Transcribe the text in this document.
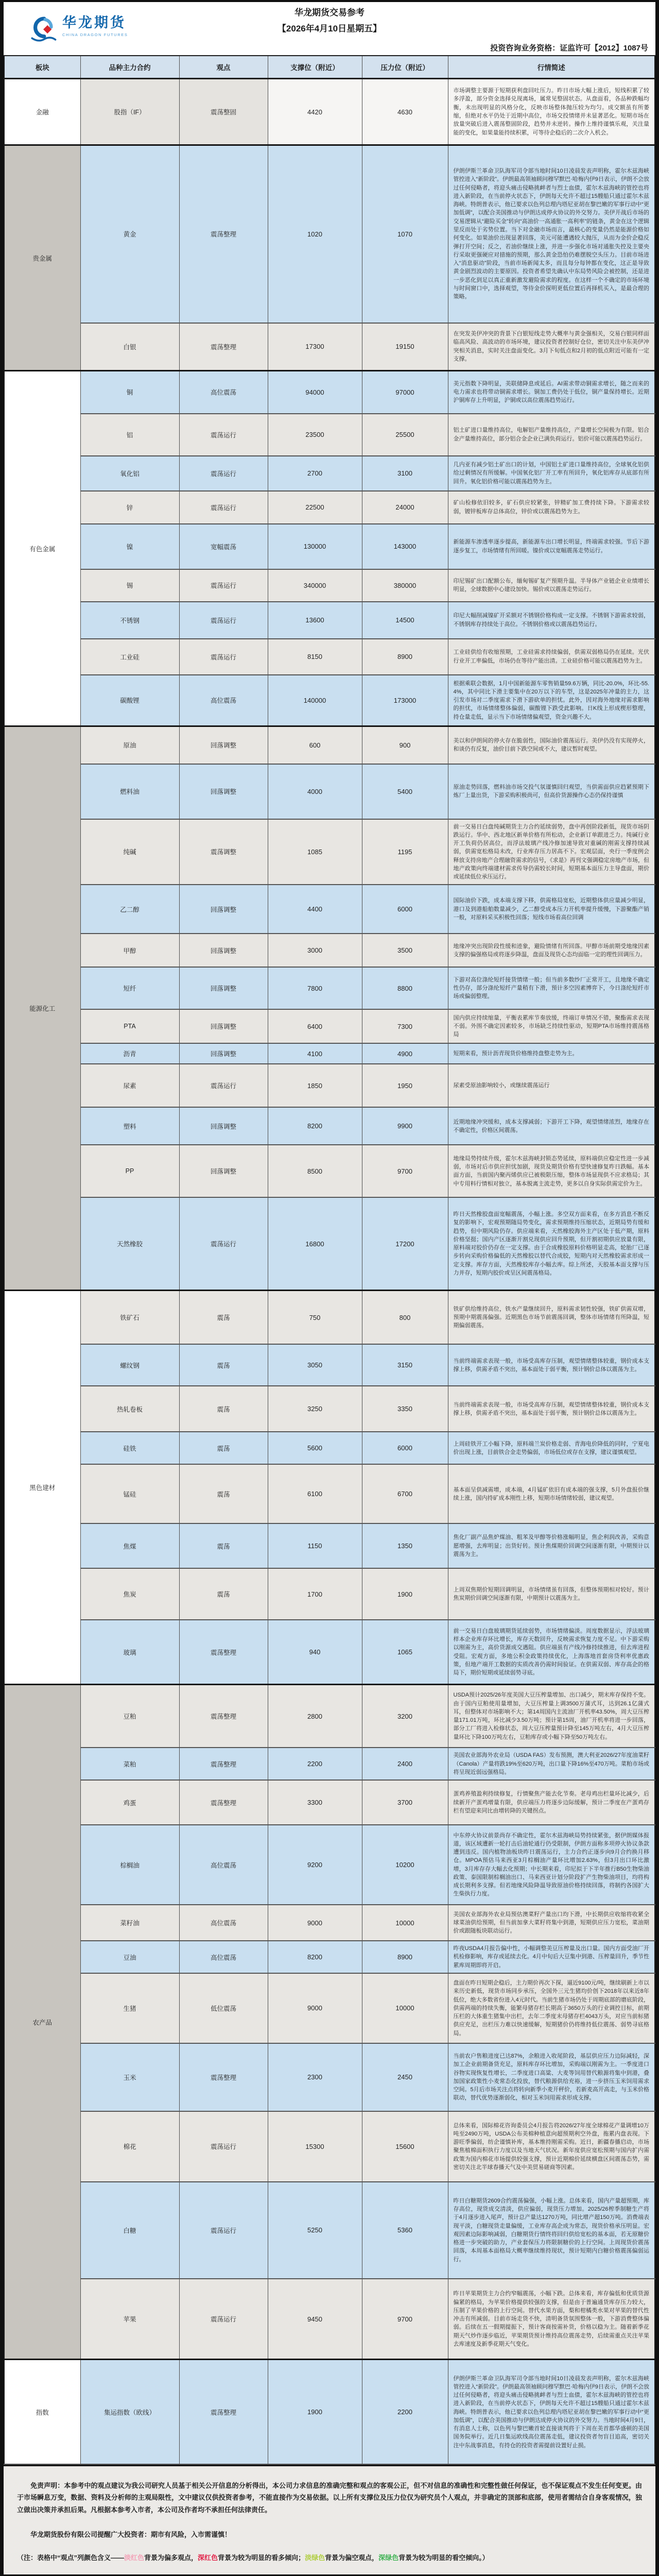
华龙期货
CHINA DRAGON FUTURES
华龙期货交易参考
【2026年4月10日星期五】
投资咨询业务资格：证监许可【2012】1087号
板块	品种主力合约	观点	支撑位（附近）	压力位（附近）	行情简述
金融	股指（IF）	震荡整固	4420	4630	市场调整主要源于短期获利盘回吐压力。昨日市场大幅上涨后，短线积累了较多浮盈，部分资金选择兑现离场，属常见整固状态。从盘面看，各品种跌幅均衡，未出现明显的风格分化，反映市场整体抛压较为均匀。成交额虽有所萎缩，但绝对水平仍处于近期中高位，市场交投情绪并未显著恶化。短期市场在放量突破后进入震荡整固阶段，趋势并未逆转。操作上维持谨慎乐观，关注量能的变化，如果量能持续积累，可等待企稳后的二次介入机会。
贵金属	黄金	震荡整理	1020	1070	伊朗伊斯兰革命卫队海军司令部当地时间10日凌晨发表声明称，霍尔木兹海峡管控进入“新阶段”。伊朗最高领袖顾问穆罕默巴·哈梅内伊9日表示，伊朗不会放过任何侵略者，将迎头痛击侵略挑衅者与烈士血债，霍尔木兹海峡的管控也将进入新阶段，在当前停火状态下，伊朗每天允许不超过15艘船只通过霍尔木兹海峡。特朗普表示，他已要求以色列总理内塔尼亚胡在黎巴嫩的军事行动中“更加低调”，以配合美国推动与伊朗达成停火协议的外交努力。美伊开战后市场的交易逻辑从“避险买金”转向“高油价一高通胀一高利率”的链条，黄金在这个逻辑里反而处于劣势位置。当下对金融市场而言，最核心的变量仍然是能源价格如何变化。如果油价出现显著回落，美元可能遭遇较大抛压，从而为金价企稳反弹打开空间；反之，若油价继续上涨，并进一步强化市场对通胀失控及主要央行采取更强硬应对措施的预期，那么黄金恐怕仍难摆脱空头压力。目前市场进入“消息驱动”阶段，当前市场新闻太多，而且每分每钟都在变化，这正是导致黄金剧烈波动的主要原因。投资者希望先确认中东局势风险会被控制，还是进一步恶化到足以真正重新激发避险需求的程度。在这样一个不确定的市场环境与时间窗口中，选择观望，等待金价探明更低位置后再择机买入，是最合理的策略。
	白银	震荡整理	17300	19150	在突发美伊冲突的背景下白银短线走势大概率与黄金强相关，交易白银同样面临高风险、高波动的市场环境，建议投资者控制好仓位，密切关注中东美伊冲突相关消息，实时关注盘面变化。3月下旬低点和2月初的低点附近可能有一定支撑。
有色金属	铜	高位震荡	94000	97000	美元指数下降明显，美联储降息或延后。AI需求带动铜需求增长，随之而来的电力需求也将带动铜需求增长。铜加工费仍处于低位，铜产量保持增长。近期沪铜库存上升明显，沪铜或以高位震荡趋势运行。
	铝	震荡运行	23500	25500	铝土矿进口量维持高位，电解铝产量维持高位，产量增长空间极为有限。铝合金产量维持高位，部分铝合金企业已满负荷运行。铝价可能以震荡趋势运行。
	氧化铝	震荡运行	2700	3100	几内亚有减少铝土矿出口的计划，中国铝土矿进口量维持高位，全球氧化铝供给过剩情况有所缓解。中国氧化铝厂开工率有所回升，氧化铝库存从底部有所回升。氧化铝价格可能以震荡趋势为主。
	锌	震荡运行	22500	24000	矿山检修依旧较多，矿石供应较紧张，锌精矿加工费持续下降。下游需求较弱，镀锌板库存总体高位，锌价或以震荡趋势为主。
	镍	宽幅震荡	130000	143000	新能源车渗透率逐步提高，新能源车出口增长明显，终端需求较强。节后下游逐步复工，市场情绪有所回暖。镍价或以宽幅震荡走势运行。
	锡	震荡运行	340000	380000	印尼锡矿出口配额公布，缅甸锡矿复产预期升温。半导体产业链企业业绩增长明显，全球数据中心建设加快。锡价或以震荡走势运行。
	不锈钢	震荡运行	13600	14500	印尼大幅削减镍矿开采额对不锈钢价格构成一定支撑。不锈钢下游需求较弱，不锈钢库存持续处于高位。不锈钢价格或以震荡趋势运行。
	工业硅	震荡运行	8150	8900	工业硅供给有收缩预期，工业硅需求持续偏弱，供需双弱格局仍在延续。光伏行业开工率偏低，市场仍在等待产能出清。工业硅价格可能以震荡趋势为主。
	碳酸锂	高位震荡	140000	173000	根据乘联会数据，1月中国新能源车零售销量59.6万辆，同比-20.0%，环比-55.4%，其中同比下滑主要集中在20万以下的车型，这是2025年冲量的主力，这引发市场对二季度需求下滑下游砍单的担忧。此外，因对海外地缘对需求影响的担忧，市场情绪整体偏弱，碳酸锂下跌受此影响。日K线上形成楔形整理，持仓量走低，显示当下市场情绪偏观望，资金兴趣不大。
能源化工	原油	回落调整	600	900	美以和伊朗间的停火存在脆弱性，国际油价震荡运行。美伊仍没有实现停火，和谈仍有反复，油价目前下跌空间或不大，建议暂时观望。
	燃料油	回落调整	4000	5400	原油走势回落，燃料油市场交投气氛谨慎回归观望，当供需面供应趋紧预期下炼厂上量出货，下游采购积极尚可，但高价货源操作心态仍保持谨慎
	纯碱	震荡调整	1085	1195	前一交易日白盘纯碱期货主力合约延续弱势，盘中再创阶段新低，现货市场阴跌运行。华中、西北地区新单价格有所松动，企业新订单跟进乏力。纯碱行业开工负荷仍居高位，而浮法玻璃产线冷修加速导致对重碱的刚需支撑持续减弱，供需宽松格局未改，行业库存压力居高不下。宏观层面，央行一季度例会释放支持房地产合理融资需求的信号，《求是》再刊文强调稳定房地产市场，但地产政策向终端建材需求传导仍需较长时间，短期基本面压力主导盘面，期价或延续低位承压运行。
	乙二醇	回落调整	4400	6000	国际油价下跌，成本端支撑下移，供需格局宽松，近期整体供应量减少明显，港口及到港船舶数量减少，乙二醇受成本压力开机率提升缓慢，下游聚酯产销一般，对原料采买积极性回落；短线市场看高位回调
	甲醇	回落调整	3000	3500	地缘冲突出现阶段性缓和迹象，避险情绪有所回落。甲醇市场前期受地缘因素支撑的偏强格局或将逐步降温，盘面及现货心态均面临一定的理性回调压力。
	短纤	回落调整	7800	8800	下游对高位涤纶短纤接货情绪一般；但当前多数纱厂正常开工，且地缘不确定性仍存，部分涤纶短纤产量稍有下滑，预计多空因素博弈下，今日涤纶短纤市场或偏弱整理。
	PTA	回落调整	6400	7300	国内供应持续缩量，平衡表累库节奏放缓，终端订单情况不错，聚酯需求表现不弱。外围不确定因素较多，市场缺乏持续性驱动，短期PTA市场维持震荡格局
	沥青	回落调整	4100	4900	短期来看，预计沥青现货价格维持盘整走势为主。
	尿素	震荡运行	1850	1950	尿素受原油影响较小，或继续震荡运行
	塑料	回落调整	8200	9900	近期地缘冲突缓和，成本支撑减弱；下游开工下降，观望情绪浓烈，地缘存在不确定性，价格区间震荡。
	PP	回落调整	8500	9700	地缘局势持续升级，霍尔木兹海峡封锁态势延续，原料端供应稳定性进一步减弱，市场对后市供应担忧加剧，现货及期货价格有望快速修复昨日跌幅。基本面方面，当前国内聚丙烯供应已被极限压缩，整体市场显现供不应求格局；其中专用料行情相对独立，基本脱离主流走势，更多以自身实际供需定价为主。
	天然橡胶	震荡运行	16800	17200	昨日天然橡胶盘面宽幅震荡，小幅上涨。多空双方面来看，在多方消息不断反复的影响下，宏观预期随局势变化，需求预期维持压缩状态，近期局势有缓和趋势，但中期风险仍存。供应端来看，天然橡胶海外主产区处于低产期，原料价格坚挺；国内产区逐渐开割兑现供应回升预期，但开割初期供应放量有限，原料端对胶价仍存在一定支撑。由于合成橡胶原料价格明显走高，轮胎厂已逐步转向采购价格偏低的天然橡胶以替代合成胶，短期内对天然橡胶需求形成一定支撑。库存方面，天然橡胶库存小幅去库。综上所述，天胶基本面支撑与压力并存，短期内胶价或呈区间震荡格局。
黑色建材	铁矿石	震荡	750	800	铁矿供给维持高位，铁水产量继续回升，原料需求韧性较强，铁矿供需双增，预期中期震荡偏强。近期黑色市场节前震荡回调，整体市场情绪有所降温，短期偏弱震荡。
	螺纹钢	震荡	3050	3150	当前终端需求表现一般，市场受高库存压制，观望情绪整体较重，钢价成本支撑上移，供需矛盾不突出，基本面处于弱平衡，预计钢价总体以震荡为主。
	热轧卷板	震荡	3250	3350	当前终端需求表现一般，市场受高库存压制，观望情绪整体较重，钢价成本支撑上移，供需矛盾不突出，基本面处于弱平衡，预计钢价总体以震荡为主。
	硅铁	震荡	5600	6000	上周硅铁开工小幅下降，原料端兰炭价格走弱、青海电价降低的同时，宁夏电价出现上涨，目前铁合金走势偏弱，市场低位或存在支撑，建议谨慎观望。
	锰硅	震荡	6100	6700	基本面呈供减需增，成本端，4月锰矿依旧有成本端的强支撑，5月外盘报价继续上涨，国内持矿成本刚性上移，短期市场情绪较弱，建议观望。
	焦煤	震荡	1150	1350	焦化厂副产品焦炉煤油、粗苯及甲醇等价格涨幅明显，焦企利润改善，采购意愿增强，去库明显；出货好转。预计焦煤期价回调空间逐渐有限，中期预计以震荡为主。
	焦炭	震荡	1700	1900	上周双焦期价短期回调明显，市场情绪虽有回落，但整体预期相对较好。预计焦炭期价回调空间逐渐有限，中期预计以震荡为主。
	玻璃	震荡整理	940	1065	前一交易日白盘玻璃期货延续弱势，市场情绪偏淡。周度数据显示，浮法玻璃样本企业库存环比增长，库存天数回升，反映需求恢复力度不足。中下游采购以刚需为主，高价货源成交遇阻。供应端虽有产线冷修持续推进，但去库进程受阻。宏观方面，多地公积金政策持续优化，上海落地首套房贷利率优惠政策，但地产端开工数据的实质改善仍需时间验证。在供需双弱、库存高企的格局下，期价短期或延续弱势寻底。
农产品	豆粕	震荡整理	2800	3200	USDA预计2025/26年度美国大豆压榨量增加、出口减少，期末库存保持不变。由于国内豆粕使用量增加，大豆压榨量上调3500万蒲式耳，达到26.1亿蒲式耳，但整体对市场影响不大；第14周国内主流油厂开机率43.50%，周大豆压榨量171.01万吨，环比减少3.50万吨；预计第15周，油厂开机率将进一步回落，部分工厂将进入检修状态，周大豆压榨量预计降至145万吨左右，4月大豆压榨量环比下降100万吨左右，豆粕库存或小幅下降至50万吨左右。
	菜粕	震荡整理	2200	2400	美国农业部海外农业局（USDA FAS）发布预测，澳大利亚2026/27年度油菜籽（Canola）产量将跌19%至620万吨，出口量下降16%至470万吨。菜粕市场或将呈现近弱远强格局。
	鸡蛋	震荡整理	3300	3700	蛋鸡养殖盈利持续修复，行情聚焦产能去化节奏。老母鸡出栏量环比减少，后续新开产蛋鸡增量有限，供应端压力将逐步边际缓解，预计二季度在产蛋鸡存栏有望迎来同比由增转降的关键拐点。
	棕榈油	高位震荡	9200	10200	中东停火协议前景尚存不确定性，霍尔木兹海峡局势持续紧张，据伊朗媒体报道，该区域遭新一轮打击后油轮通行仍受限制，伊朗方面称多项停火协议条款遭到违反。国内植物油板块昨日震荡运行，主力合约正逐步向9月合约换月移仓。MPOA预估马来西亚3月棕榈油产量环比增加2.63%，但3月出口环比激增，3月库存存大幅去化预期；中长期来看，印尼拟于下半年推行B50生物柴油政策、泰国限制棕榈油出口、马来西亚计划分阶段扩产生物柴油项目，均将构成长期利多支撑。但若地缘风险降温导致原油价格持续回落，将制约各国扩大生柴执行力度。
	菜籽油	高位震荡	9000	10000	美国农业部海外农业局预估澳菜籽产量出口均下滑，中长期供应收缩将收紧全球菜油供给预期，但当前加拿大菜籽将集中到港，短期供应压力宽松，菜油期价或跟随板块联动运行。
	豆油	高位震荡	8200	8900	昨夜USDA4月报告偏中性，小幅调整美豆压榨量及出口量。国内方面受油厂开机检修影响，库存或延续去化。4月中旬后大豆集中到港、压榨量回升，季节性累库周期即将开启。
	生猪	低位震荡	9000	10000	盘面在昨日短期企稳后，主力期价再次下探，逼近9100元/吨，继续刷新上市以来历史新低，现货市场同步承压，全国外三元生猪均价创下2018年以来近8年低位，绝大多数省份进入4元时代。当前生猪市场仍处于周期底部的磨底阶段，供需两端的持续失衡，能繁母猪存栏长期高于3650万头的行业调控目标，前期压栏的大体重生猪集中出栏，去年二季度末母猪存栏4043万头，对应当前标猪供应充足，出栏压力难以快速缓解，短期猪价仍将维持低位震荡、弱势寻底格局。
	玉米	震荡整理	2300	2450	当前农户售粮进度已达87%，余粮进入收尾阶段，基层供应压力边际减轻，深加工企业前期备货充足，原料库存环比增加，采购端以刚需为主。一季度进口谷物实现恢复性增长，二季度进口高粱、大麦等饲用替代粮源将集中到港，叠加国家政策性小麦常态化投放，替代粮源供给充裕，进一步挤压玉米饲用需求空间。5月后市场关注点将转向新季小麦开秤价，若新麦高开高走，与玉米价格联动，替代优势逐渐弱化，相对玉米饲用需求形成支撑。
	棉花	震荡运行	15300	15600	总体来看，国际棉花咨询委员会4月报告将2026/27年度全球棉花产量调增10万吨至2490万吨，USDA公布美棉种植意向超预期利空外盘，拖累内盘表现。下游旺季偏弱，纺企谨慎补库，基本维持刚需采购。近日，新疆春播启动，市场聚焦植棉面积执行力度以及当地天气状况。新年度供应宽松预期与国内扩内需政策为国内棉花市场提供较强支撑，预计近期棉价延续横盘区间震荡态势，需密切关注北半球春播天气及中美贸易磋商等因素。
	白糖	震荡运行	5250	5360	昨日白糖期货2609合约震荡偏强，小幅上涨。总体来看，国内产量超预期，库存高位，现货成交清淡，供应偏弱，现货压力增加。2025/26榨季制糖生产将于4月逐步进入尾声，预计总产量达1270万吨，同比增产超150万吨。消费端表现平淡，白糖现货走量偏缓，工业库存高企成为常态，现货价格承压明显。宏观因素边际影响减弱，白糖期货行情终将回归供给宽松的基本面，若无原糖价格进一步突破的助力，产业套保压力将限制糖价的上行空间。上周现货价震荡回落，本周基本面格局大概率继续维持现状，预计短期内白糖价格震荡偏弱运行。
	苹果	震荡运行	9450	9700	昨日苹果期货主力合约窄幅震荡，小幅下跌。总体来看，库存偏低和优质货源偏紧的格局，为苹果价格提供较强的支撑，但是由于普遍通货库存压力较大，压制了苹果价格的上行空间。替代水果方面，梨和柑橘类水果对苹果的替代性冲击有所减弱。目前市场走货不快，清明备货氛围整体一般，下游消费整体偏弱。后续在五一假期提振下，预计客商按需补货，价格以稳为主。随着新季花期天气炒作逐步临近，苹果期货预计维持高位震荡走势，后续需重点关注苹果去库速度及新季花期天气变化。
指数	集运指数（欧线）	震荡整理	1900	2200	伊朗伊斯兰革命卫队海军司令部当地时间10日凌晨发表声明称，霍尔木兹海峡管控进入“新阶段”。伊朗最高领袖顾问穆罕默巴·哈梅内伊9日表示，伊朗不会放过任何侵略者，将迎头痛击侵略挑衅者与烈士血债，霍尔木兹海峡的管控也将进入新阶段，在当前停火状态下，伊朗每天允许不超过15艘船只通过霍尔木兹海峡。特朗普表示，他已要求以色列总理内塔尼亚胡在黎巴嫩的军事行动中“更加低调”，以配合美国推动与伊朗达成停火协议的外交努力。当地时间4月9日，有消息人士称，以色列与黎巴嫩首轮直接谈判将于下周在美首都华盛顿的美国国务院举行。近几日集运欧线高位震荡走低，建议投资者勿盲目追高，密切关注中东战事消息，有持仓的投资者需提前设置好止损。

免责声明：本参考中的观点建议为我公司研究人员基于相关公开信息的分析得出，本公司力求信息的准确完整和观点的客观公正，但不对信息的准确性和完整性做任何保证，也不保证观点不发生任何变更。由于市场瞬息万变，数据、资料及分析师的主观局限性，文中建议仅供投资者参考，不能直接作为交易依据。以上所有支撑位及压力位仅为研究员个人观点，并非确定的顶部和底部，使用者需结合自身客观情况，独立做出决策并承担后果。凡根据本参考入市者，本公司及作者均不承担任何法律责任。

华龙期货股份有限公司提醒广大投资者：期市有风险，入市需谨慎！

（注：表格中“观点”列颜色含义——淡红色背景为偏多观点，深红色背景为较为明显的看多倾向；淡绿色背景为偏空观点，深绿色背景为较为明显的看空倾向。）
